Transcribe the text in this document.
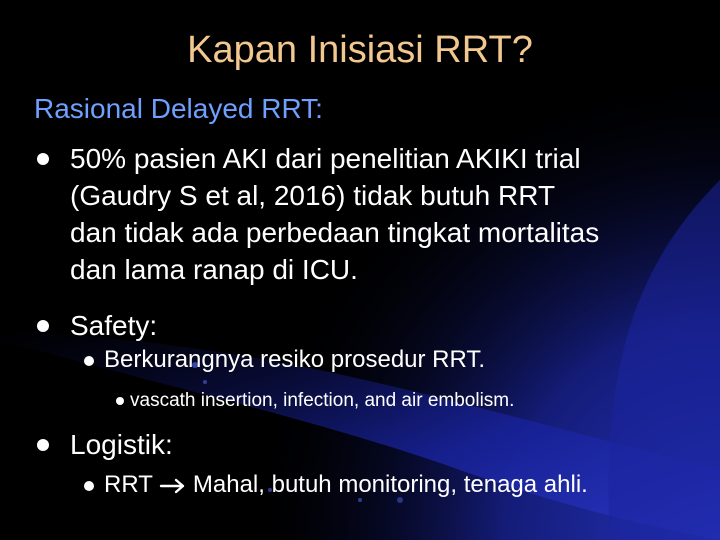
Kapan Inisiasi RRT?
Rasional Delayed RRT:
50% pasien AKI dari penelitian AKIKI trial
(Gaudry S et al, 2016) tidak butuh RRT
dan tidak ada perbedaan tingkat mortalitas
dan lama ranap di ICU.
Safety:
Berkurangnya resiko prosedur RRT.
vascath insertion, infection, and air embolism.
Logistik:
RRT Mahal, butuh monitoring, tenaga ahli.
